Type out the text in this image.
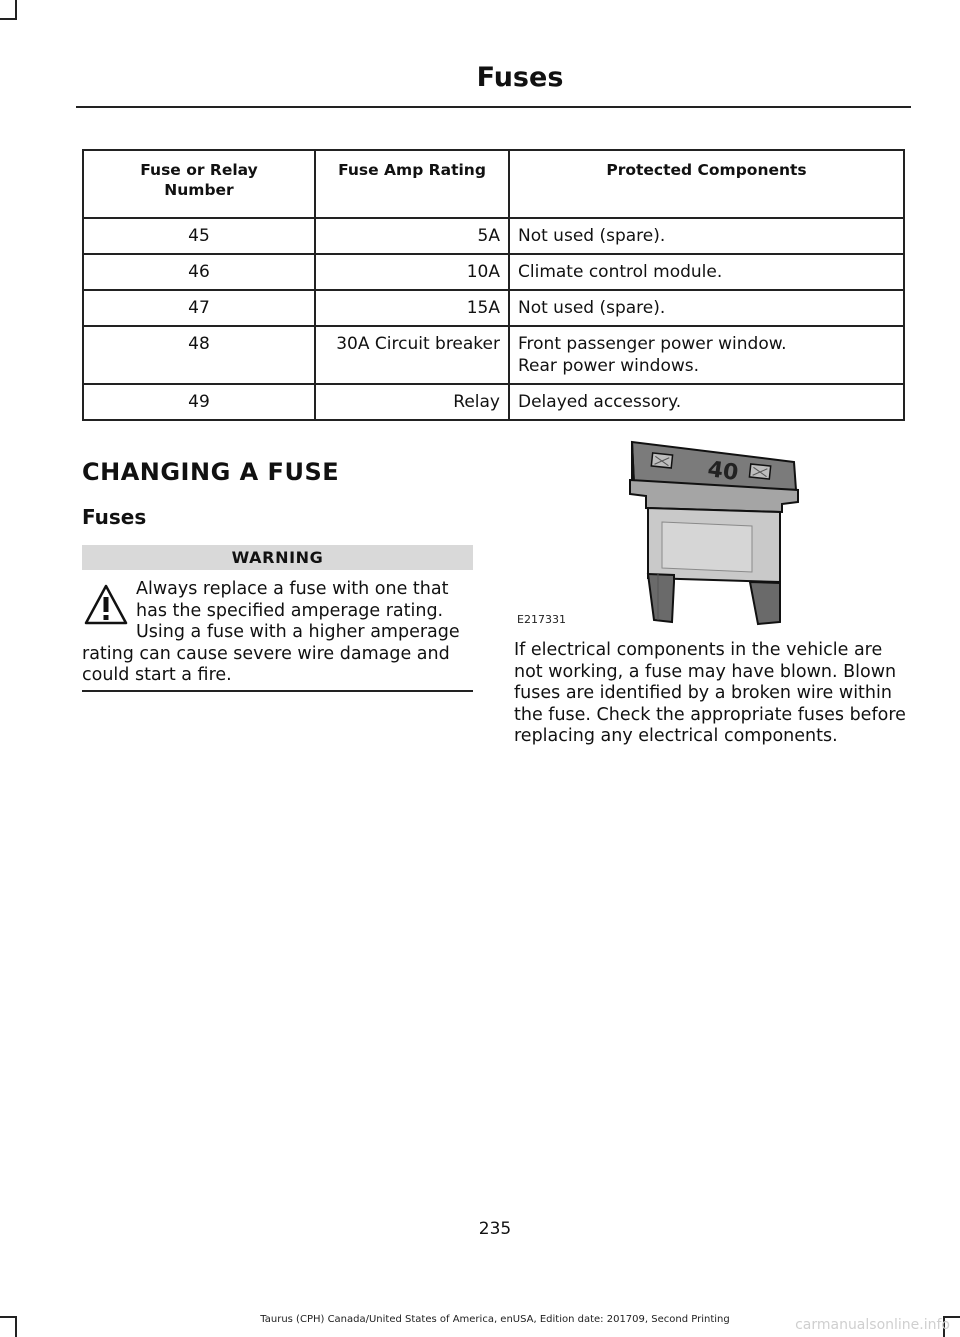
Fuses
Fuse or Relay Number	Fuse Amp Rating	Protected Components
45	5A	Not used (spare).

46	10A	Climate control module.

47	15A	Not used (spare).

48	30A Circuit breaker	Front passenger power window.
Rear power windows.

49	Relay	Delayed accessory.
CHANGING A FUSE
Fuses
WARNING
Always replace a fuse with one that has the specified amperage rating. Using a fuse with a higher amperage rating can cause severe wire damage and could start a fire.
40
E217331
If electrical components in the vehicle are not working, a fuse may have blown. Blown fuses are identified by a broken wire within the fuse. Check the appropriate fuses before replacing any electrical components.
235
Taurus (CPH) Canada/United States of America, enUSA, Edition date: 201709, Second Printing	carmanualsonline.info
